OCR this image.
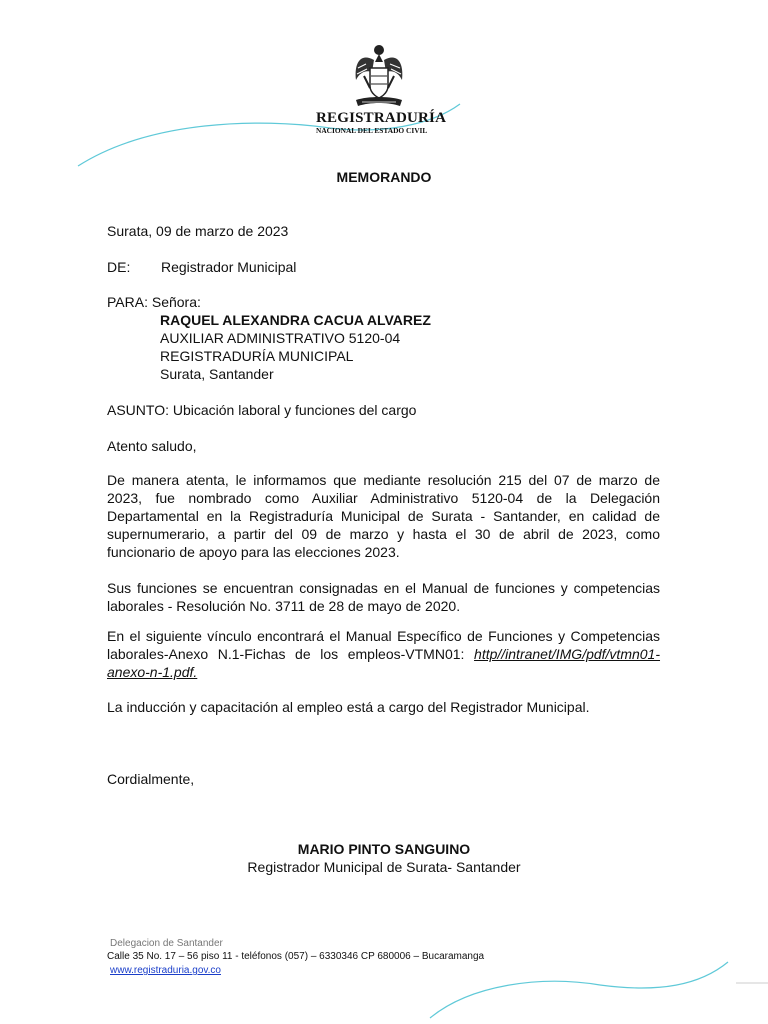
REGISTRADURÍA
NACIONAL DEL ESTADO CIVIL
MEMORANDO
Surata, 09 de marzo de 2023
DE: Registrador Municipal
PARA: Señora:
RAQUEL ALEXANDRA CACUA ALVAREZ
AUXILIAR ADMINISTRATIVO 5120-04
REGISTRADURÍA MUNICIPAL
Surata, Santander
ASUNTO: Ubicación laboral y funciones del cargo
Atento saludo,
De manera atenta, le informamos que mediante resolución 215 del 07 de marzo de 2023, fue nombrado como Auxiliar Administrativo 5120-04 de la Delegación Departamental en la Registraduría Municipal de Surata - Santander, en calidad de supernumerario, a partir del 09 de marzo y hasta el 30 de abril de 2023, como funcionario de apoyo para las elecciones 2023.
Sus funciones se encuentran consignadas en el Manual de funciones y competencias laborales - Resolución No. 3711 de 28 de mayo de 2020.
En el siguiente vínculo encontrará el Manual Específico de Funciones y Competencias laborales-Anexo N.1-Fichas de los empleos-VTMN01: http//intranet/IMG/pdf/vtmn01-anexo-n-1.pdf.
La inducción y capacitación al empleo está a cargo del Registrador Municipal.
Cordialmente,
MARIO PINTO SANGUINO
Registrador Municipal de Surata- Santander
Delegacion de Santander
Calle 35 No. 17 – 56 piso 11 - teléfonos (057) – 6330346 CP 680006 – Bucaramanga
www.registraduria.gov.co
